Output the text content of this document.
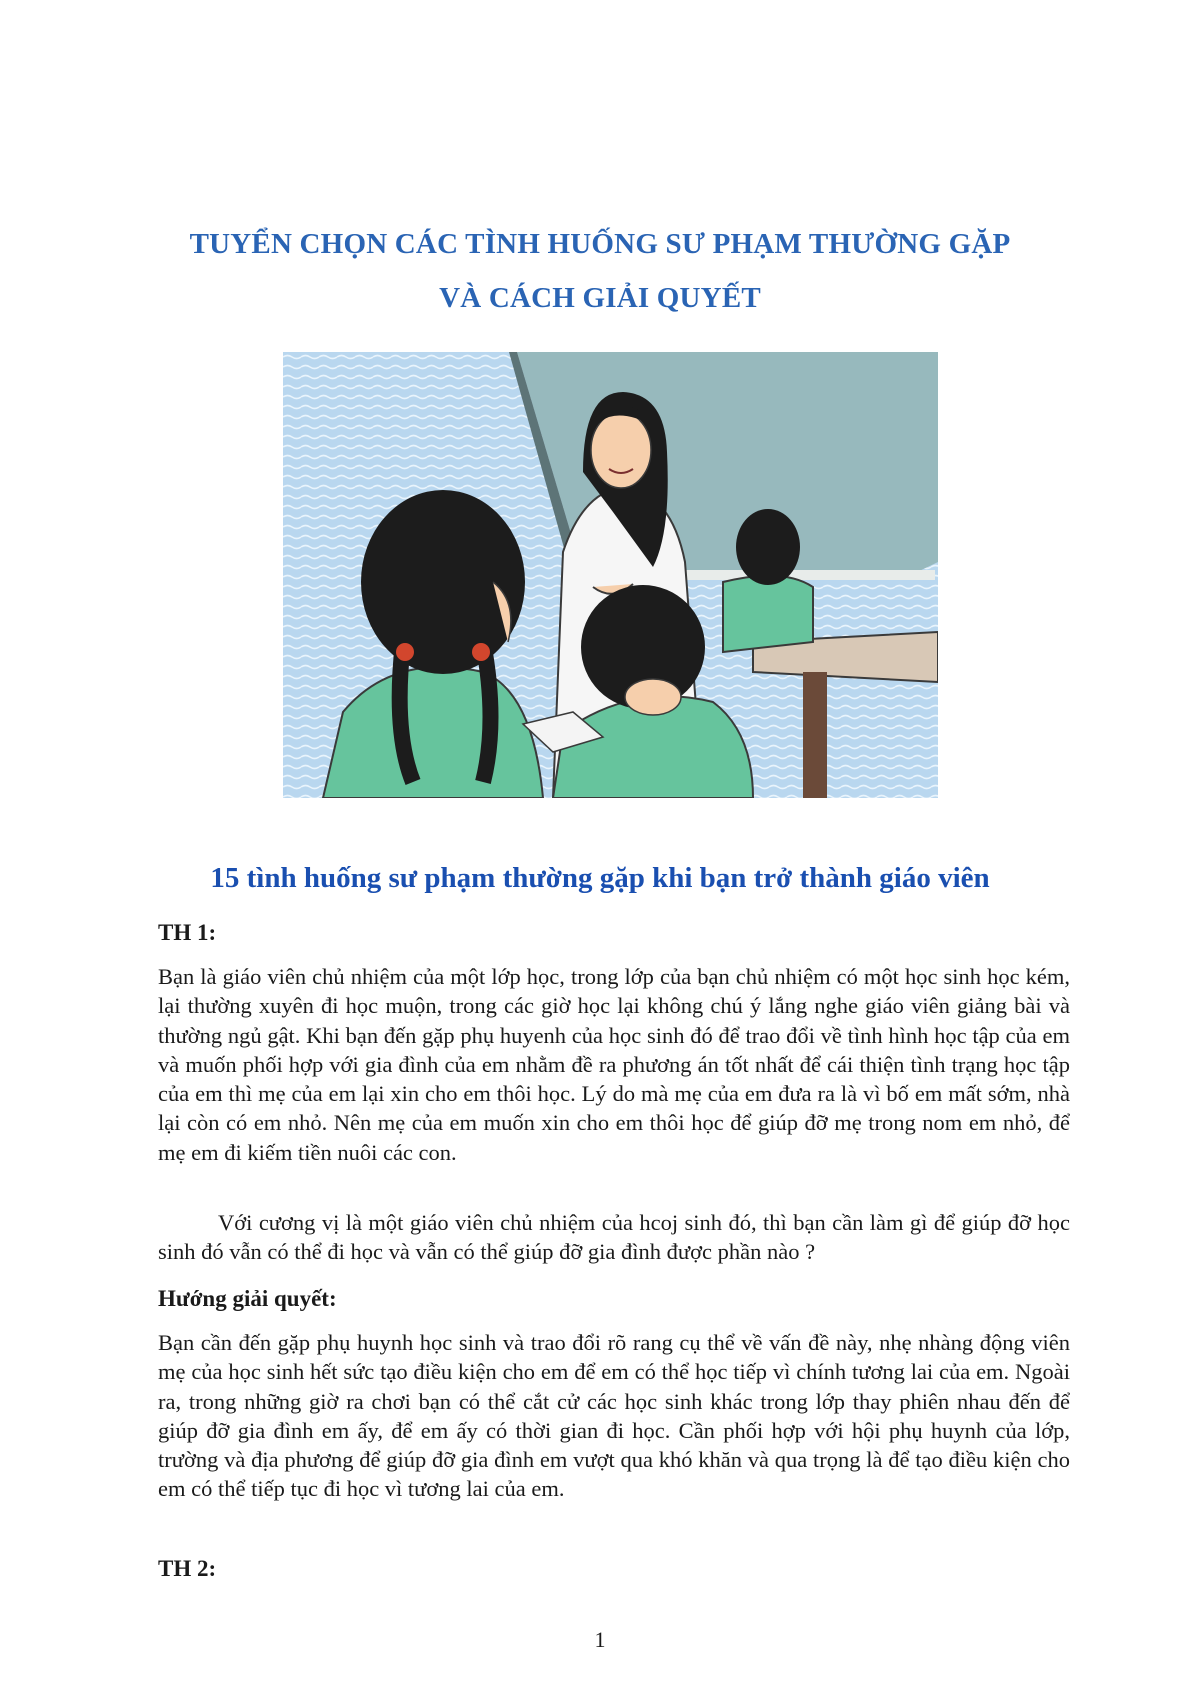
TUYỂN CHỌN CÁC TÌNH HUỐNG SƯ PHẠM THƯỜNG GẶP
VÀ CÁCH GIẢI QUYẾT
15 tình huống sư phạm thường gặp khi bạn trở thành giáo viên
TH 1:
Bạn là giáo viên chủ nhiệm của một lớp học, trong lớp của bạn chủ nhiệm có một học sinh học kém, lại thường xuyên đi học muộn, trong các giờ học lại không chú ý lắng nghe giáo viên giảng bài và thường ngủ gật. Khi bạn đến gặp phụ huyenh của học sinh đó để trao đổi về tình hình học tập của em và muốn phối hợp với gia đình của em nhằm đề ra phương án tốt nhất để cái thiện tình trạng học tập của em thì mẹ của em lại xin cho em thôi học. Lý do mà mẹ của em đưa ra là vì bố em mất sớm, nhà lại còn có em nhỏ. Nên mẹ của em muốn xin cho em thôi học để giúp đỡ mẹ trong nom em nhỏ, để mẹ em đi kiếm tiền nuôi các con.
Với cương vị là một giáo viên chủ nhiệm của hcoj sinh đó, thì bạn cần làm gì để giúp đỡ học sinh đó vẫn có thể đi học và vẫn có thể giúp đỡ gia đình được phần nào ?
Hướng giải quyết:
Bạn cần đến gặp phụ huynh học sinh và trao đổi rõ rang cụ thể về vấn đề này, nhẹ nhàng động viên mẹ của học sinh hết sức tạo điều kiện cho em để em có thể học tiếp vì chính tương lai của em. Ngoài ra, trong những giờ ra chơi bạn có thể cắt cử các học sinh khác trong lớp thay phiên nhau đến để giúp đỡ gia đình em ấy, để em ấy có thời gian đi học. Cần phối hợp với hội phụ huynh của lớp, trường và địa phương để giúp đỡ gia đình em vượt qua khó khăn và qua trọng là để tạo điều kiện cho em có thể tiếp tục đi học vì tương lai của em.
TH 2:
1
